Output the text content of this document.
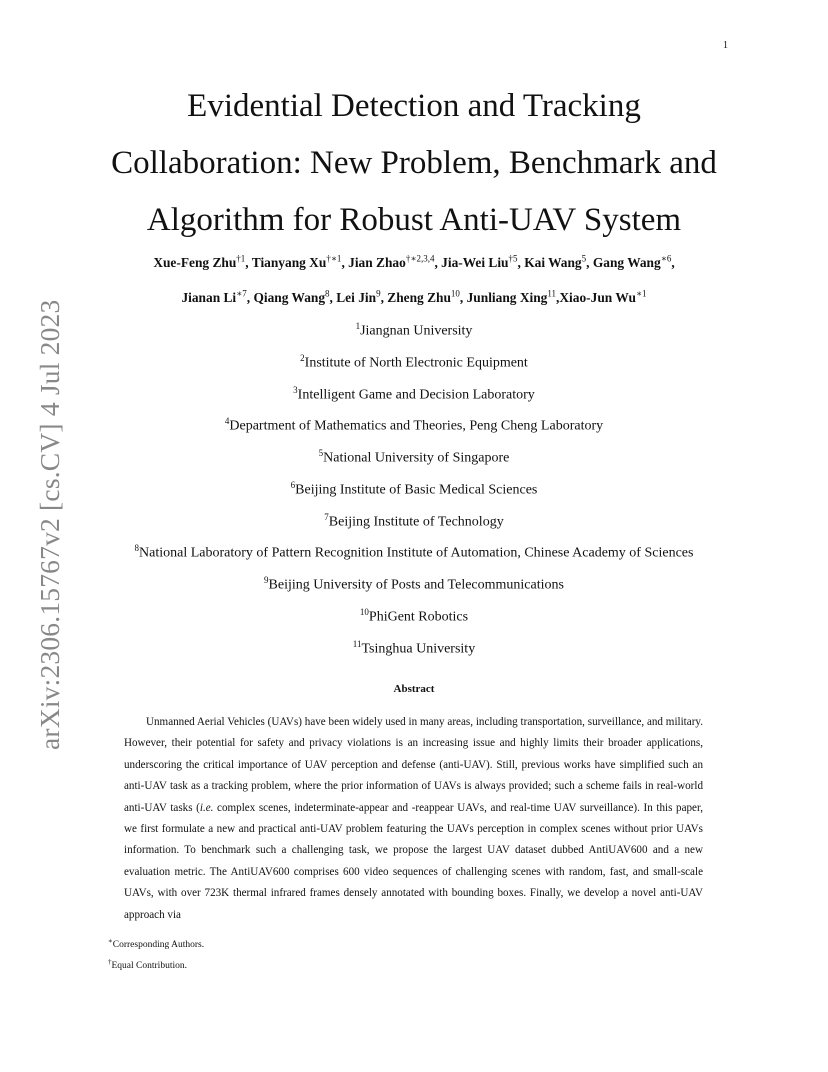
1
arXiv:2306.15767v2 [cs.CV] 4 Jul 2023
Evidential Detection and Tracking
Collaboration: New Problem, Benchmark and
Algorithm for Robust Anti-UAV System
Xue-Feng Zhu$^{\dagger 1}$, Tianyang $Xu^{\dagger∗1}$, Jian Zhao$^{\dagger∗2,3,4}$, Jia-Wei Liu$^{\dagger 5}$, Kai Wang$^5$, Gang Wang$^{∗6}$,
Jianan $Li^{∗7}$, Qiang Wang$^8$, Lei Jin$^9$, Zheng Zhu$^{10}$, Junliang Xing$^{11}$,Xiao-Jun $Wu^{∗1}$
$^1$Jiangnan University
$^2$Institute of North Electronic Equipment
$^3$Intelligent Game and Decision Laboratory
$^4$Department of Mathematics and Theories, Peng Cheng Laboratory
$^5$National University of Singapore
$^6$Beijing Institute of Basic Medical Sciences
$^7$Beijing Institute of Technology
$^8$National Laboratory of Pattern Recognition Institute of Automation, Chinese Academy of Sciences
$^9$Beijing University of Posts and Telecommunications
$^{10}$PhiGent Robotics
$^{11}$Tsinghua University
Abstract

Unmanned Aerial Vehicles (UAVs) have been widely used in many areas, including transportation, surveillance, and military. However, their potential for safety and privacy violations is an increasing issue and highly limits their broader applications, underscoring the critical importance of UAV perception and defense (anti-UAV). Still, previous works have simplified such an anti-UAV task as a tracking problem, where the prior information of UAVs is always provided; such a scheme fails in real-world anti-UAV tasks (i.e. complex scenes, indeterminate-appear and -reappear UAVs, and real-time UAV surveillance). In this paper, we first formulate a new and practical anti-UAV problem featuring the UAVs perception in complex scenes without prior UAVs information. To benchmark such a challenging task, we propose the largest UAV dataset dubbed AntiUAV600 and a new evaluation metric. The AntiUAV600 comprises 600 video sequences of challenging scenes with random, fast, and small-scale UAVs, with over 723K thermal infrared frames densely annotated with bounding boxes. Finally, we develop a novel anti-UAV approach via

∗Corresponding Authors.
†Equal Contribution.
